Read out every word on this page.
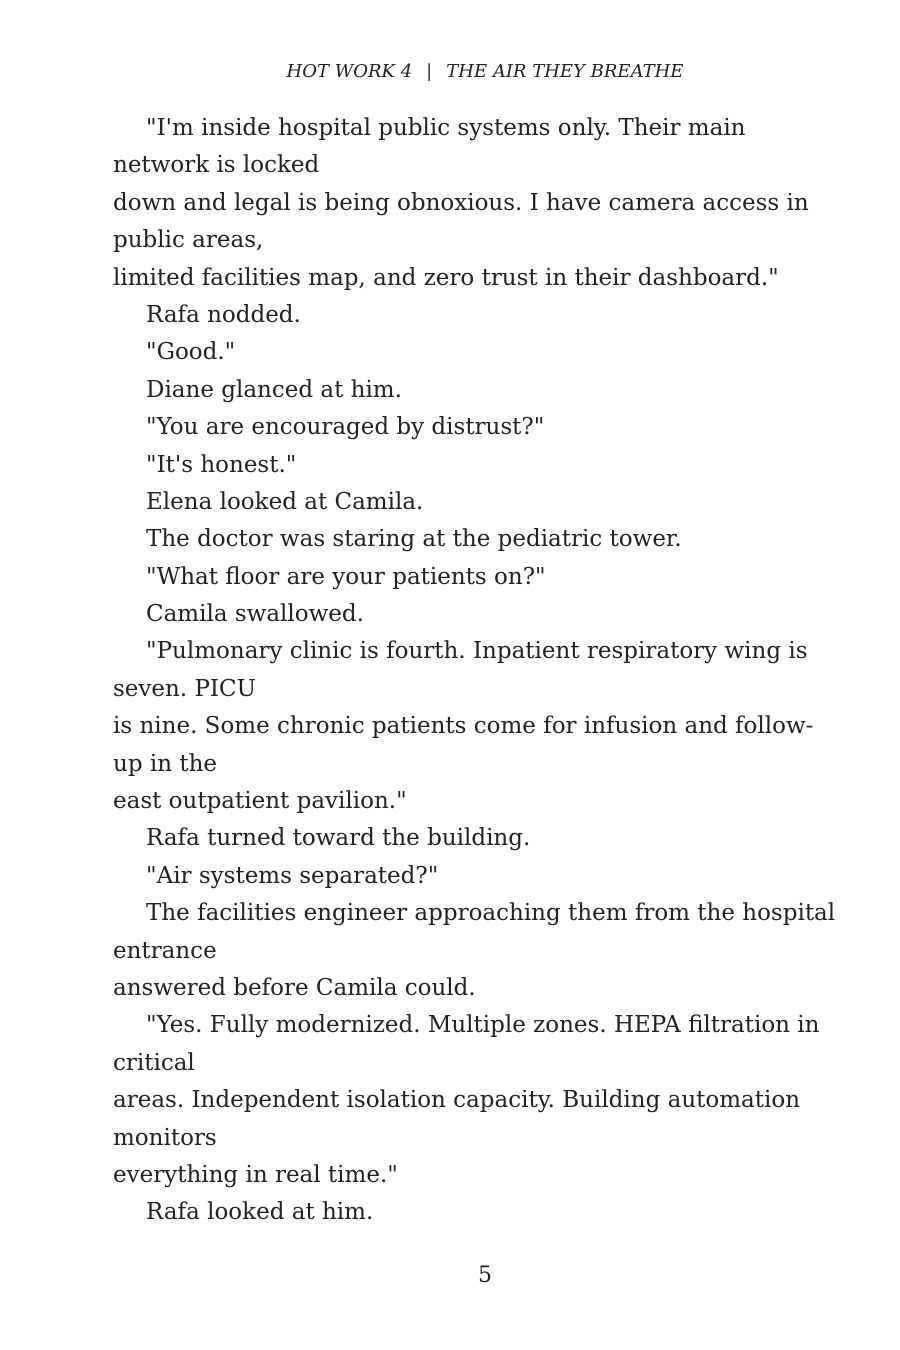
HOT WORK 4 | THE AIR THEY BREATHE
"I'm inside hospital public systems only. Their main
network is locked
down and legal is being obnoxious. I have camera access in
public areas,
limited facilities map, and zero trust in their dashboard."
Rafa nodded.
"Good."
Diane glanced at him.
"You are encouraged by distrust?"
"It's honest."
Elena looked at Camila.
The doctor was staring at the pediatric tower.
"What floor are your patients on?"
Camila swallowed.
"Pulmonary clinic is fourth. Inpatient respiratory wing is
seven. PICU
is nine. Some chronic patients come for infusion and follow-
up in the
east outpatient pavilion."
Rafa turned toward the building.
"Air systems separated?"
The facilities engineer approaching them from the hospital
entrance
answered before Camila could.
"Yes. Fully modernized. Multiple zones. HEPA filtration in
critical
areas. Independent isolation capacity. Building automation
monitors
everything in real time."
Rafa looked at him.
5
